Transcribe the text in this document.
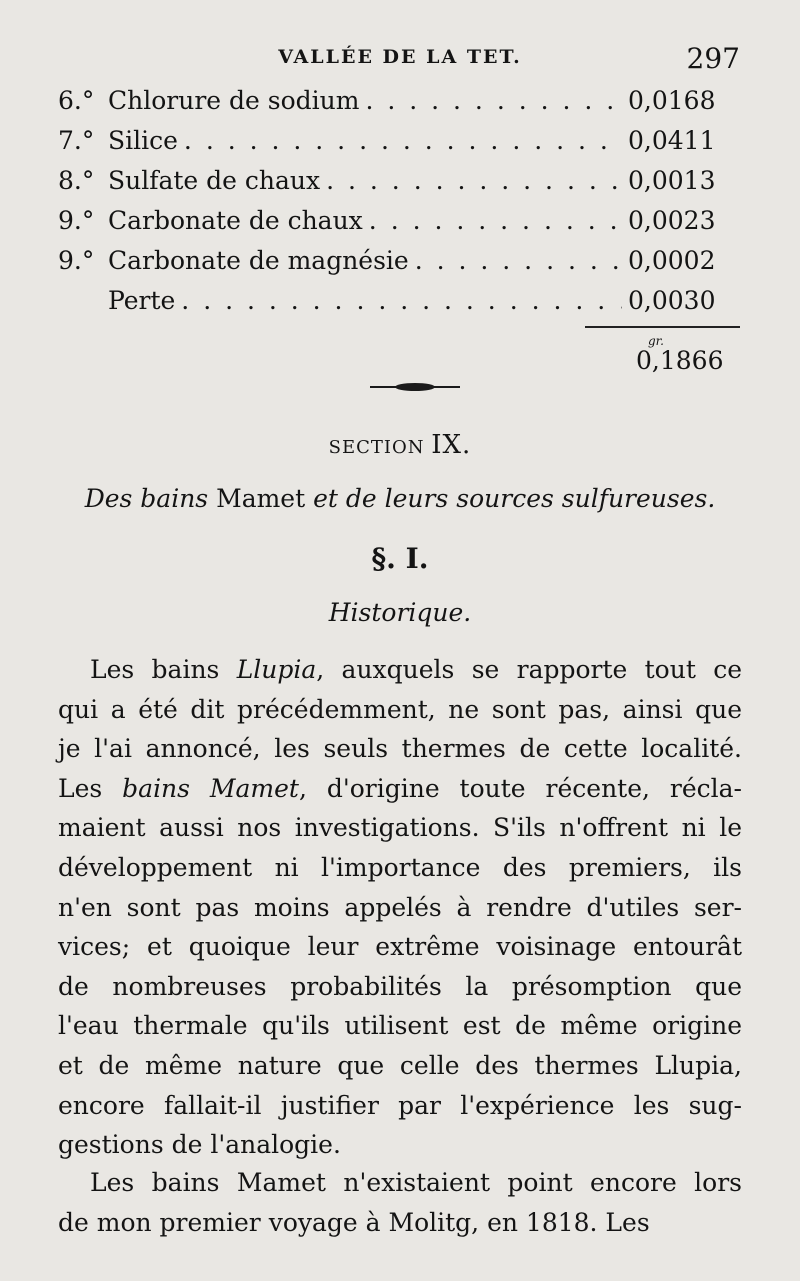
VALLÉE DE LA TET.	297
6.° Chlorure de sodium . . .	0,0168
7.° Silice . . .	0,0411
8.° Sulfate de chaux . . .	0,0013
9.° Carbonate de chaux . . .	0,0023
9.° Carbonate de magnésie . . .	0,0002
Perte . . .	0,0030
gr.
0,1866
SECTION IX.
Des bains Mamet et de leurs sources sulfureuses.
§. I.
Historique.
Les bains Llupia, auxquels se rapporte tout ce
qui a été dit précédemment, ne sont pas, ainsi que
je l'ai annoncé, les seuls thermes de cette localité.
Les bains Mamet, d'origine toute récente, récla-
maient aussi nos investigations. S'ils n'offrent ni le
développement ni l'importance des premiers, ils
n'en sont pas moins appelés à rendre d'utiles ser-
vices; et quoique leur extrême voisinage entourât
de nombreuses probabilités la présomption que
l'eau thermale qu'ils utilisent est de même origine
et de même nature que celle des thermes Llupia,
encore fallait-il justifier par l'expérience les sug-
gestions de l'analogie.
Les bains Mamet n'existaient point encore lors
de mon premier voyage à Molitg, en 1818. Les
